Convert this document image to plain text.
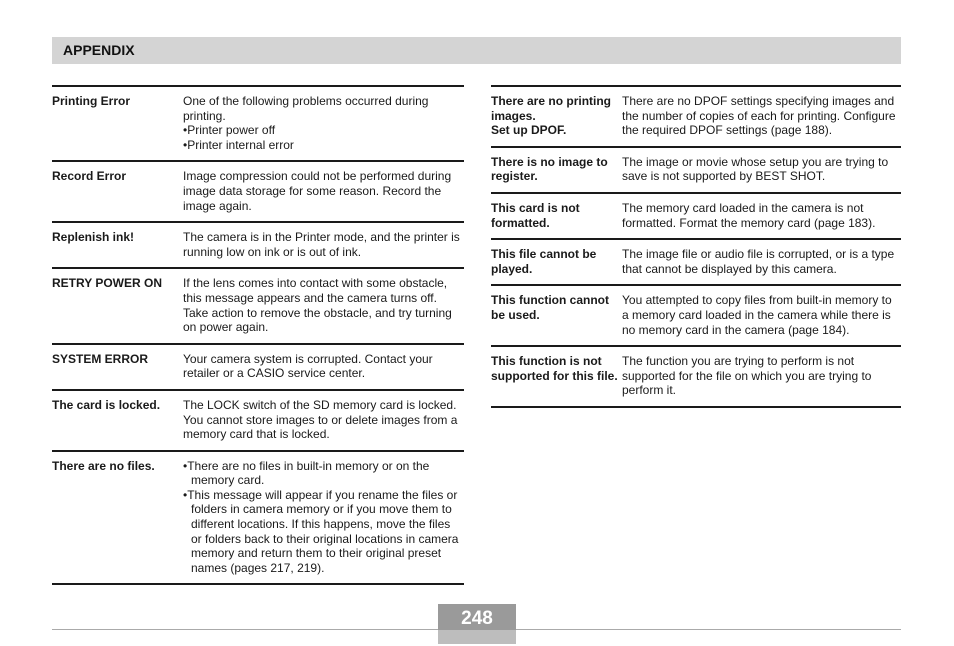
APPENDIX
Printing Error	One of the following problems occurred during printing.
• Printer power off
• Printer internal error
Record Error	Image compression could not be performed during image data storage for some reason. Record the image again.
Replenish ink!	The camera is in the Printer mode, and the printer is running low on ink or is out of ink.
RETRY POWER ON	If the lens comes into contact with some obstacle, this message appears and the camera turns off. Take action to remove the obstacle, and try turning on power again.
SYSTEM ERROR	Your camera system is corrupted. Contact your retailer or a CASIO service center.
The card is locked.	The LOCK switch of the SD memory card is locked. You cannot store images to or delete images from a memory card that is locked.
There are no files.
•	There are no files in built-in memory or on the memory card.
• This message will appear if you rename the files or folders in camera memory or if you move them to different locations. If this happens, move the files or folders back to their original locations in camera memory and return them to their original preset names (pages 217, 219).
There are no printing images.
Set up DPOF.
There are no DPOF settings specifying images and the number of copies of each for printing. Configure the required DPOF settings (page 188).
There is no image to register.
The image or movie whose setup you are trying to save is not supported by BEST SHOT.
This card is not formatted.
The memory card loaded in the camera is not formatted. Format the memory card (page 183).
This file cannot be played.
The image file or audio file is corrupted, or is a type that cannot be displayed by this camera.
This function cannot be used.
You attempted to copy files from built-in memory to a memory card loaded in the camera while there is no memory card in the camera (page 184).
This function is not supported for this file.
The function you are trying to perform is not supported for the file on which you are trying to perform it.
248
